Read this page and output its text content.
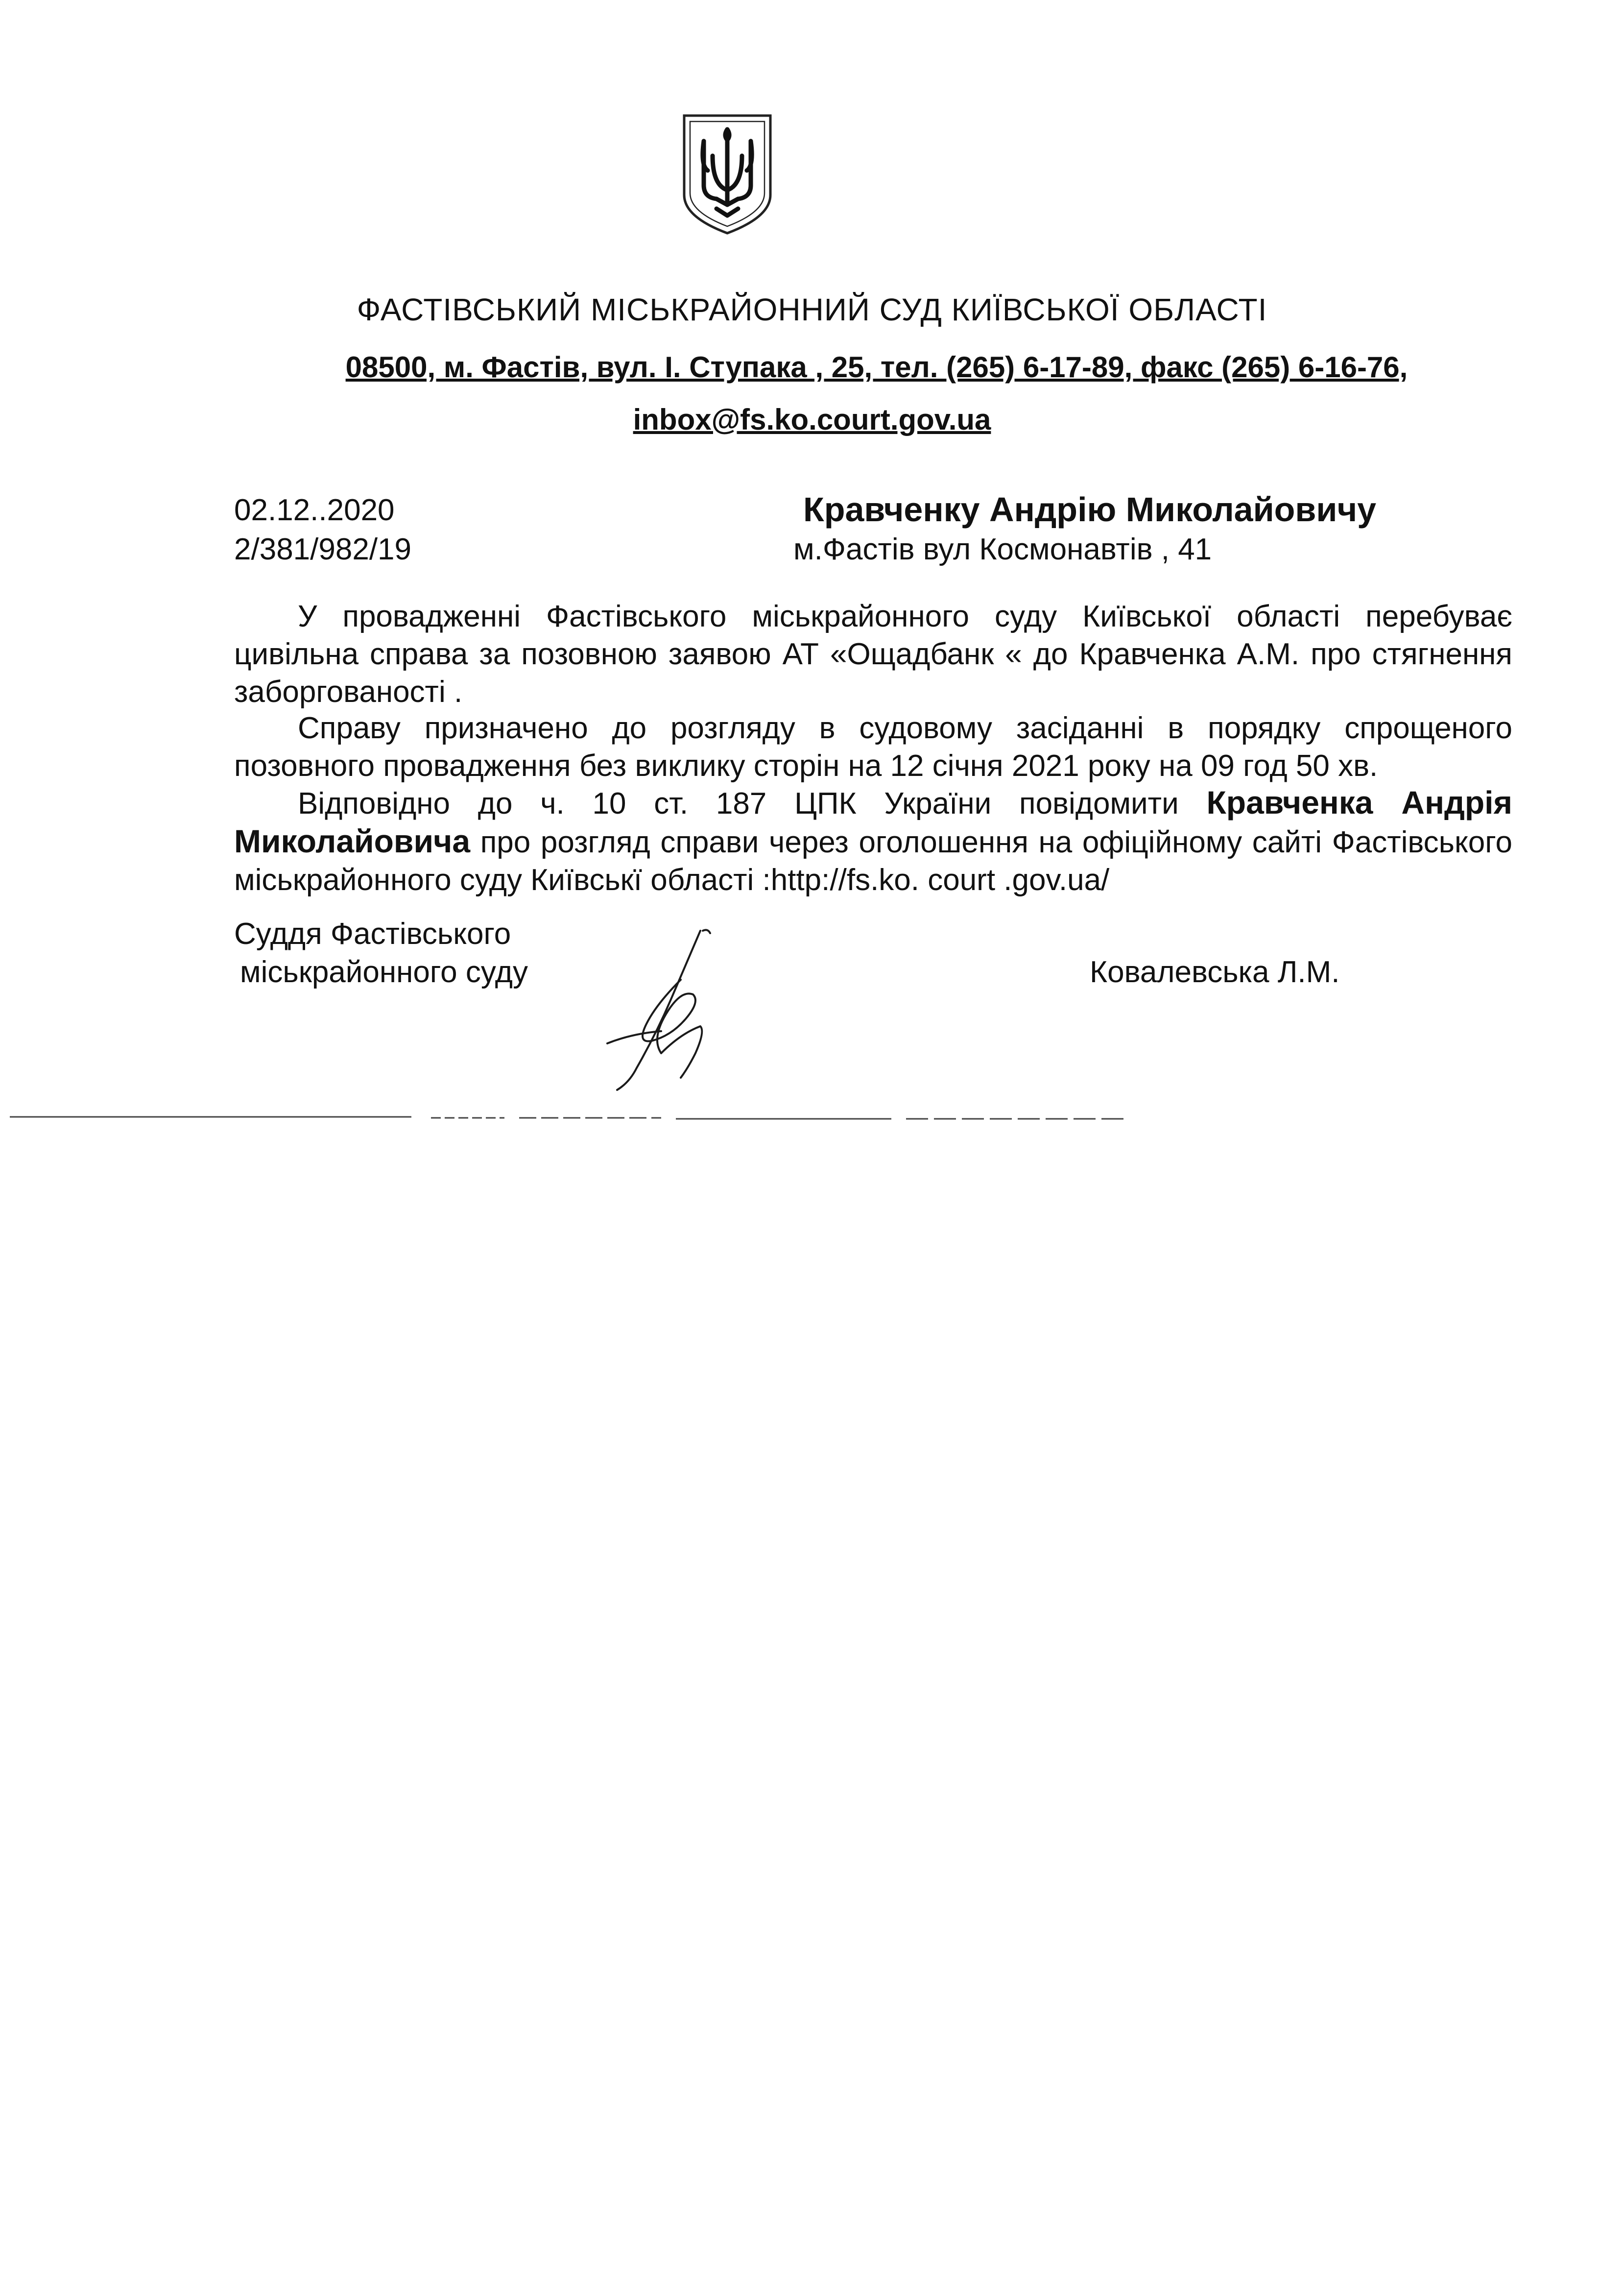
ФАСТІВСЬКИЙ МІСЬКРАЙОННИЙ СУД КИЇВСЬКОЇ ОБЛАСТІ
08500, м. Фастів, вул. І. Ступака , 25, тел. (265) 6-17-89, факс (265) 6-16-76,
inbox@fs.ko.court.gov.ua
02.12..2020
2/381/982/19
Кравченку Андрію Миколайовичу
м.Фастів вул Космонавтів , 41

У провадженні Фастівського міськрайонного суду Київської області перебуває цивільна справа за позовною заявою АТ «Ощадбанк « до Кравченка А.М. про стягнення заборгованості .

Справу призначено до розгляду в судовому засіданні в порядку спрощеного позовного провадження без виклику сторін на 12 січня 2021 року на 09 год 50 хв.

Відповідно до ч. 10 ст. 187 ЦПК України повідомити Кравченка Андрія Миколайовича про розгляд справи через оголошення на офіційному сайті Фастівського міськрайонного суду Київськї області :http://fs.ko. court .gov.ua/

Суддя Фастівського
міськрайонного суду	Ковалевська Л.М.
